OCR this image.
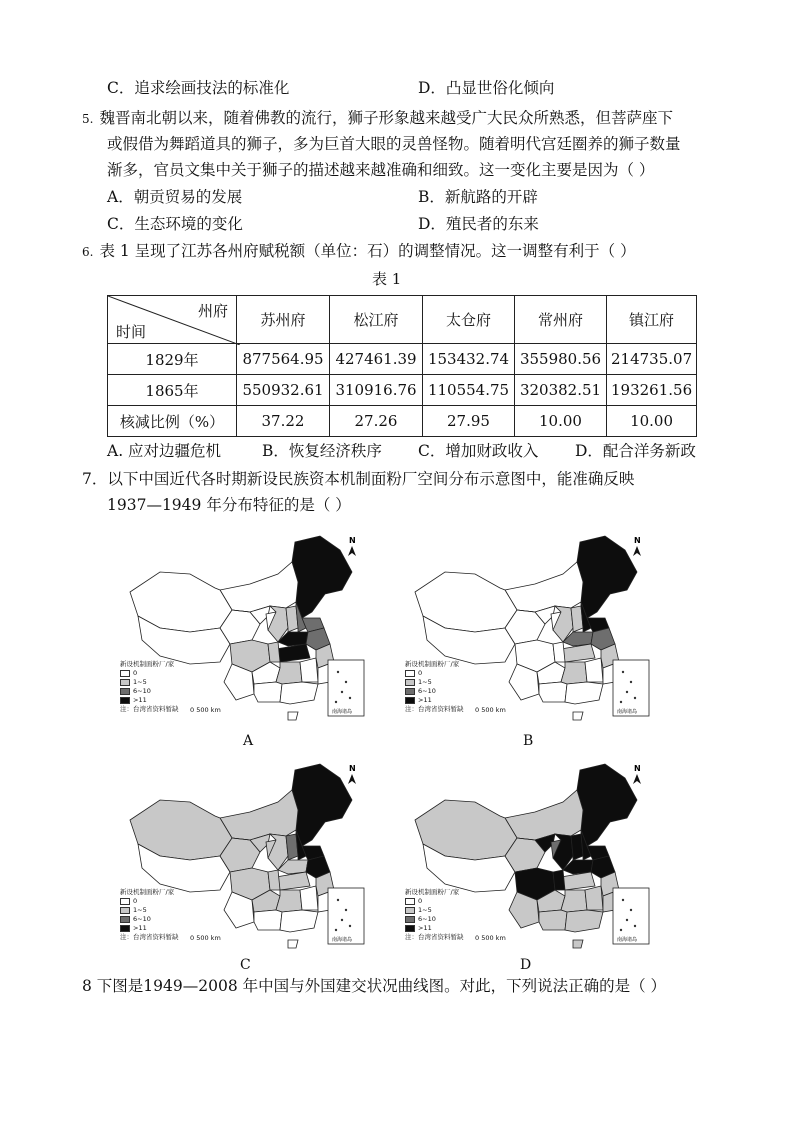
C．追求绘画技法的标准化	D．凸显世俗化倾向
5. 魏晋南北朝以来，随着佛教的流行，狮子形象越来越受广大民众所熟悉，但菩萨座下
或假借为舞蹈道具的狮子，多为巨首大眼的灵兽怪物。随着明代宫廷圈养的狮子数量
渐多，官员文集中关于狮子的描述越来越准确和细致。这一变化主要是因为（ ）
A．朝贡贸易的发展	B．新航路的开辟
C．生态环境的变化	D．殖民者的东来
6. 表 1 呈现了江苏各州府赋税额（单位：石）的调整情况。这一调整有利于（ ）
表 1
州府
时间	苏州府	松江府	太仓府	常州府	镇江府
1829年	877564.95	427461.39	153432.74	355980.56	214735.07
1865年	550932.61	310916.76	110554.75	320382.51	193261.56
核减比例（%）	37.22	27.26	27.95	10.00	10.00
A. 应对边疆危机	B．恢复经济秩序 C．增加财政收入 D．配合洋务新政
7．以下中国近代各时期新设民族资本机制面粉厂空间分布示意图中，能准确反映
1937—1949 年分布特征的是（ ）
南海诸岛
N
新设机制面粉厂/家
0
1~5
6~10
>11
注：台湾省资料暂缺	0 500 km	南海诸岛
N
新设机制面粉厂/家
0
1~5
6~10
>11
注：台湾省资料暂缺	0 500 km
南海诸岛
N
新设机制面粉厂/家
0
1~5
6~10
>11
注：台湾省资料暂缺	0 500 km	南海诸岛
N
新设机制面粉厂/家
0
1~5
6~10
>11
注：台湾省资料暂缺	0 500 km
A	B
C	D
8 下图是1949—2008 年中国与外国建交状况曲线图。对此，下列说法正确的是（ ）
